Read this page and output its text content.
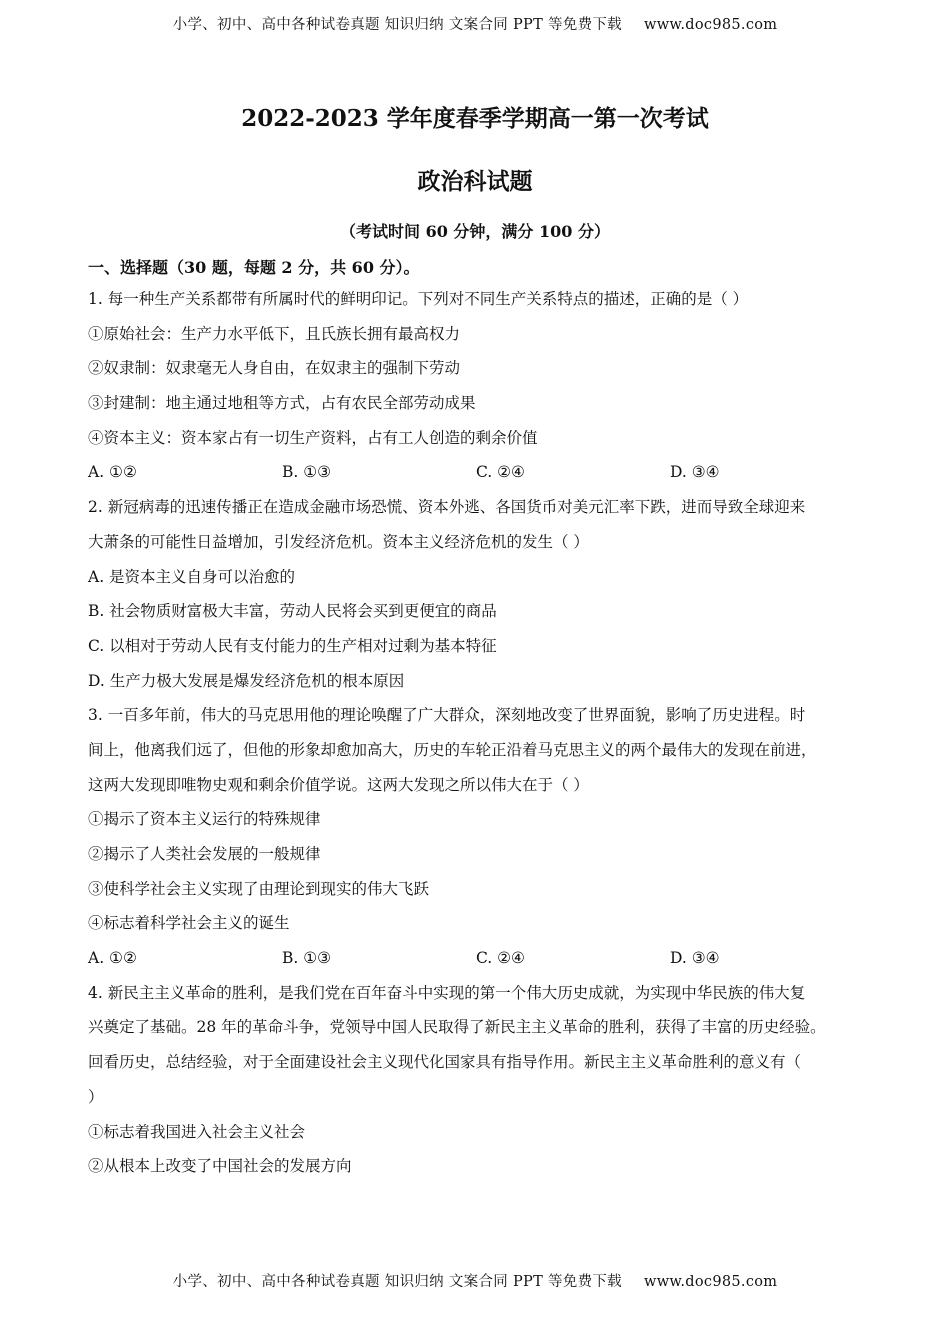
小学、初中、高中各种试卷真题 知识归纳 文案合同 PPT 等免费下载 www.doc985.com
2022-2023 学年度春季学期高一第一次考试
政治科试题
（考试时间 60 分钟，满分 100 分）
一、选择题（30 题，每题 2 分，共 60 分）。
1. 每一种生产关系都带有所属时代的鲜明印记。下列对不同生产关系特点的描述，正确的是（ ）
①原始社会：生产力水平低下，且氏族长拥有最高权力
②奴隶制：奴隶毫无人身自由，在奴隶主的强制下劳动
③封建制：地主通过地租等方式，占有农民全部劳动成果
④资本主义：资本家占有一切生产资料，占有工人创造的剩余价值
A. ①②	B. ①③	C. ②④	D. ③④
2. 新冠病毒的迅速传播正在造成金融市场恐慌、资本外逃、各国货币对美元汇率下跌，进而导致全球迎来
大萧条的可能性日益增加，引发经济危机。资本主义经济危机的发生（ ）
A. 是资本主义自身可以治愈的
B. 社会物质财富极大丰富，劳动人民将会买到更便宜的商品
C. 以相对于劳动人民有支付能力的生产相对过剩为基本特征
D. 生产力极大发展是爆发经济危机的根本原因
3. 一百多年前，伟大的马克思用他的理论唤醒了广大群众，深刻地改变了世界面貌，影响了历史进程。时
间上，他离我们远了，但他的形象却愈加高大，历史的车轮正沿着马克思主义的两个最伟大的发现在前进，
这两大发现即唯物史观和剩余价值学说。这两大发现之所以伟大在于（ ）
①揭示了资本主义运行的特殊规律
②揭示了人类社会发展的一般规律
③使科学社会主义实现了由理论到现实的伟大飞跃
④标志着科学社会主义的诞生
A. ①②	B. ①③	C. ②④	D. ③④
4. 新民主主义革命的胜利，是我们党在百年奋斗中实现的第一个伟大历史成就，为实现中华民族的伟大复
兴奠定了基础。28 年的革命斗争，党领导中国人民取得了新民主主义革命的胜利，获得了丰富的历史经验。
回看历史，总结经验，对于全面建设社会主义现代化国家具有指导作用。新民主主义革命胜利的意义有（
）
①标志着我国进入社会主义社会
②从根本上改变了中国社会的发展方向
小学、初中、高中各种试卷真题 知识归纳 文案合同 PPT 等免费下载 www.doc985.com
